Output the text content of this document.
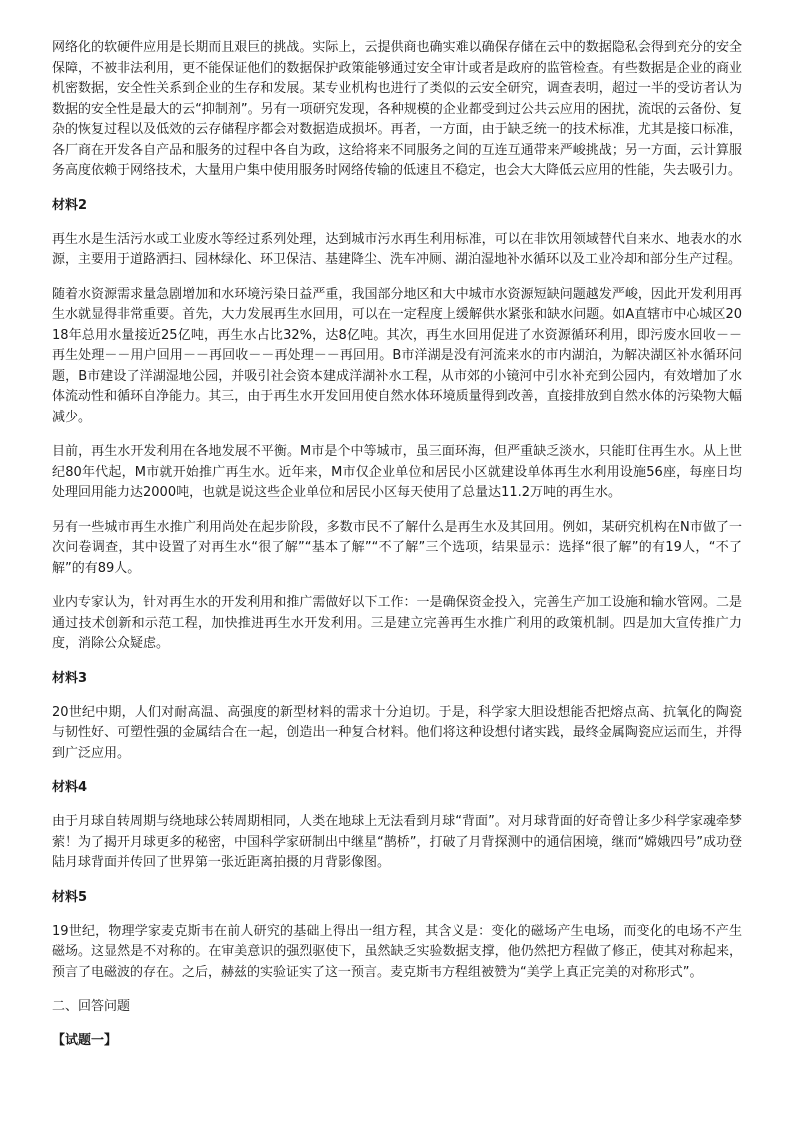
网络化的软硬件应用是长期而且艰巨的挑战。实际上，云提供商也确实难以确保存储在云中的数据隐私会得到充分的安全保障，不被非法利用，更不能保证他们的数据保护政策能够通过安全审计或者是政府的监管检查。有些数据是企业的商业机密数据，安全性关系到企业的生存和发展。某专业机构也进行了类似的云安全研究，调查表明，超过一半的受访者认为数据的安全性是最大的云“抑制剂”。另有一项研究发现，各种规模的企业都受到过公共云应用的困扰，流氓的云备份、复杂的恢复过程以及低效的云存储程序都会对数据造成损坏。再者，一方面，由于缺乏统一的技术标准，尤其是接口标准，各厂商在开发各自产品和服务的过程中各自为政，这给将来不同服务之间的互连互通带来严峻挑战；另一方面，云计算服务高度依赖于网络技术，大量用户集中使用服务时网络传输的低速且不稳定，也会大大降低云应用的性能，失去吸引力。

材料2

再生水是生活污水或工业废水等经过系列处理，达到城市污水再生利用标准，可以在非饮用领域替代自来水、地表水的水源，主要用于道路洒扫、园林绿化、环卫保洁、基建降尘、洗车冲厕、湖泊湿地补水循环以及工业冷却和部分生产过程。

随着水资源需求量急剧增加和水环境污染日益严重，我国部分地区和大中城市水资源短缺问题越发严峻，因此开发利用再生水就显得非常重要。首先，大力发展再生水回用，可以在一定程度上缓解供水紧张和缺水问题。如A直辖市中心城区2018年总用水量接近25亿吨，再生水占比32%，达8亿吨。其次，再生水回用促进了水资源循环利用，即污废水回收－－再生处理－－用户回用－－再回收－－再处理－－再回用。B市洋湖是没有河流来水的市内湖泊，为解决湖区补水循环问题，B市建设了洋湖湿地公园，并吸引社会资本建成洋湖补水工程，从市郊的小镜河中引水补充到公园内，有效增加了水体流动性和循环自净能力。其三，由于再生水开发回用使自然水体环境质量得到改善，直接排放到自然水体的污染物大幅减少。

目前，再生水开发利用在各地发展不平衡。M市是个中等城市，虽三面环海，但严重缺乏淡水，只能盯住再生水。从上世纪80年代起，M市就开始推广再生水。近年来，M市仅企业单位和居民小区就建设单体再生水利用设施56座，每座日均处理回用能力达2000吨，也就是说这些企业单位和居民小区每天使用了总量达11.2万吨的再生水。

另有一些城市再生水推广利用尚处在起步阶段，多数市民不了解什么是再生水及其回用。例如，某研究机构在N市做了一次问卷调查，其中设置了对再生水“很了解”“基本了解”“不了解”三个选项，结果显示：选择“很了解”的有19人，“不了解”的有89人。

业内专家认为，针对再生水的开发利用和推广需做好以下工作：一是确保资金投入，完善生产加工设施和输水管网。二是通过技术创新和示范工程，加快推进再生水开发利用。三是建立完善再生水推广利用的政策机制。四是加大宣传推广力度，消除公众疑虑。

材料3

20世纪中期，人们对耐高温、高强度的新型材料的需求十分迫切。于是，科学家大胆设想能否把熔点高、抗氧化的陶瓷与韧性好、可塑性强的金属结合在一起，创造出一种复合材料。他们将这种设想付诸实践，最终金属陶瓷应运而生，并得到广泛应用。

材料4

由于月球自转周期与绕地球公转周期相同，人类在地球上无法看到月球“背面”。对月球背面的好奇曾让多少科学家魂牵梦萦！为了揭开月球更多的秘密，中国科学家研制出中继星“鹊桥”，打破了月背探测中的通信困境，继而“嫦娥四号”成功登陆月球背面并传回了世界第一张近距离拍摄的月背影像图。

材料5

19世纪，物理学家麦克斯韦在前人研究的基础上得出一组方程，其含义是：变化的磁场产生电场，而变化的电场不产生磁场。这显然是不对称的。在审美意识的强烈驱使下，虽然缺乏实验数据支撑，他仍然把方程做了修正，使其对称起来，预言了电磁波的存在。之后，赫兹的实验证实了这一预言。麦克斯韦方程组被赞为“美学上真正完美的对称形式”。

二、回答问题
【试题一】
